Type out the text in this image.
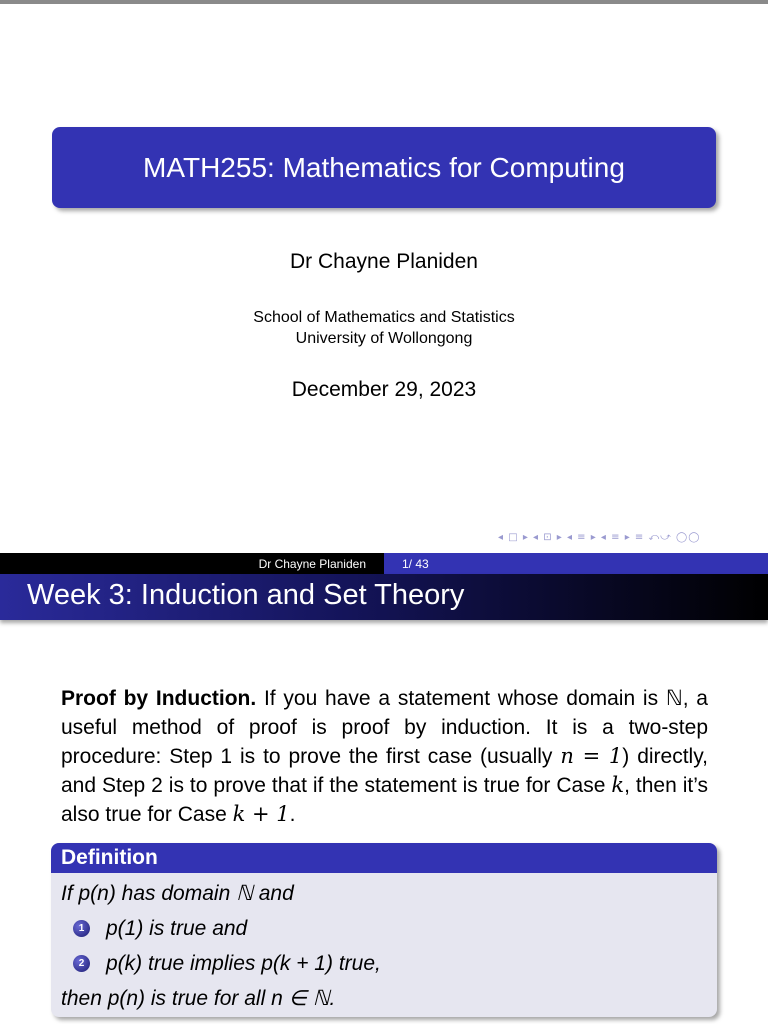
MATH255: Mathematics for Computing
Dr Chayne Planiden
School of Mathematics and Statistics
University of Wollongong
December 29, 2023
◂ □ ▸ ◂ ⊡ ▸ ◂ ≡ ▸ ◂ ≡ ▸ ≡ ⤺⤻ ◯◯
Dr Chayne Planiden	1/ 43
Week 3: Induction and Set Theory
Proof by Induction. If you have a statement whose domain is ℕ, a useful method of proof is proof by induction. It is a two-step procedure: Step 1 is to prove the first case (usually n = 1) directly, and Step 2 is to prove that if the statement is true for Case k, then it’s also true for Case k + 1.
Definition
If p(n) has domain ℕ and
1 p(1) is true and
2 p(k) true implies p(k + 1) true,
then p(n) is true for all n ∈ ℕ.
